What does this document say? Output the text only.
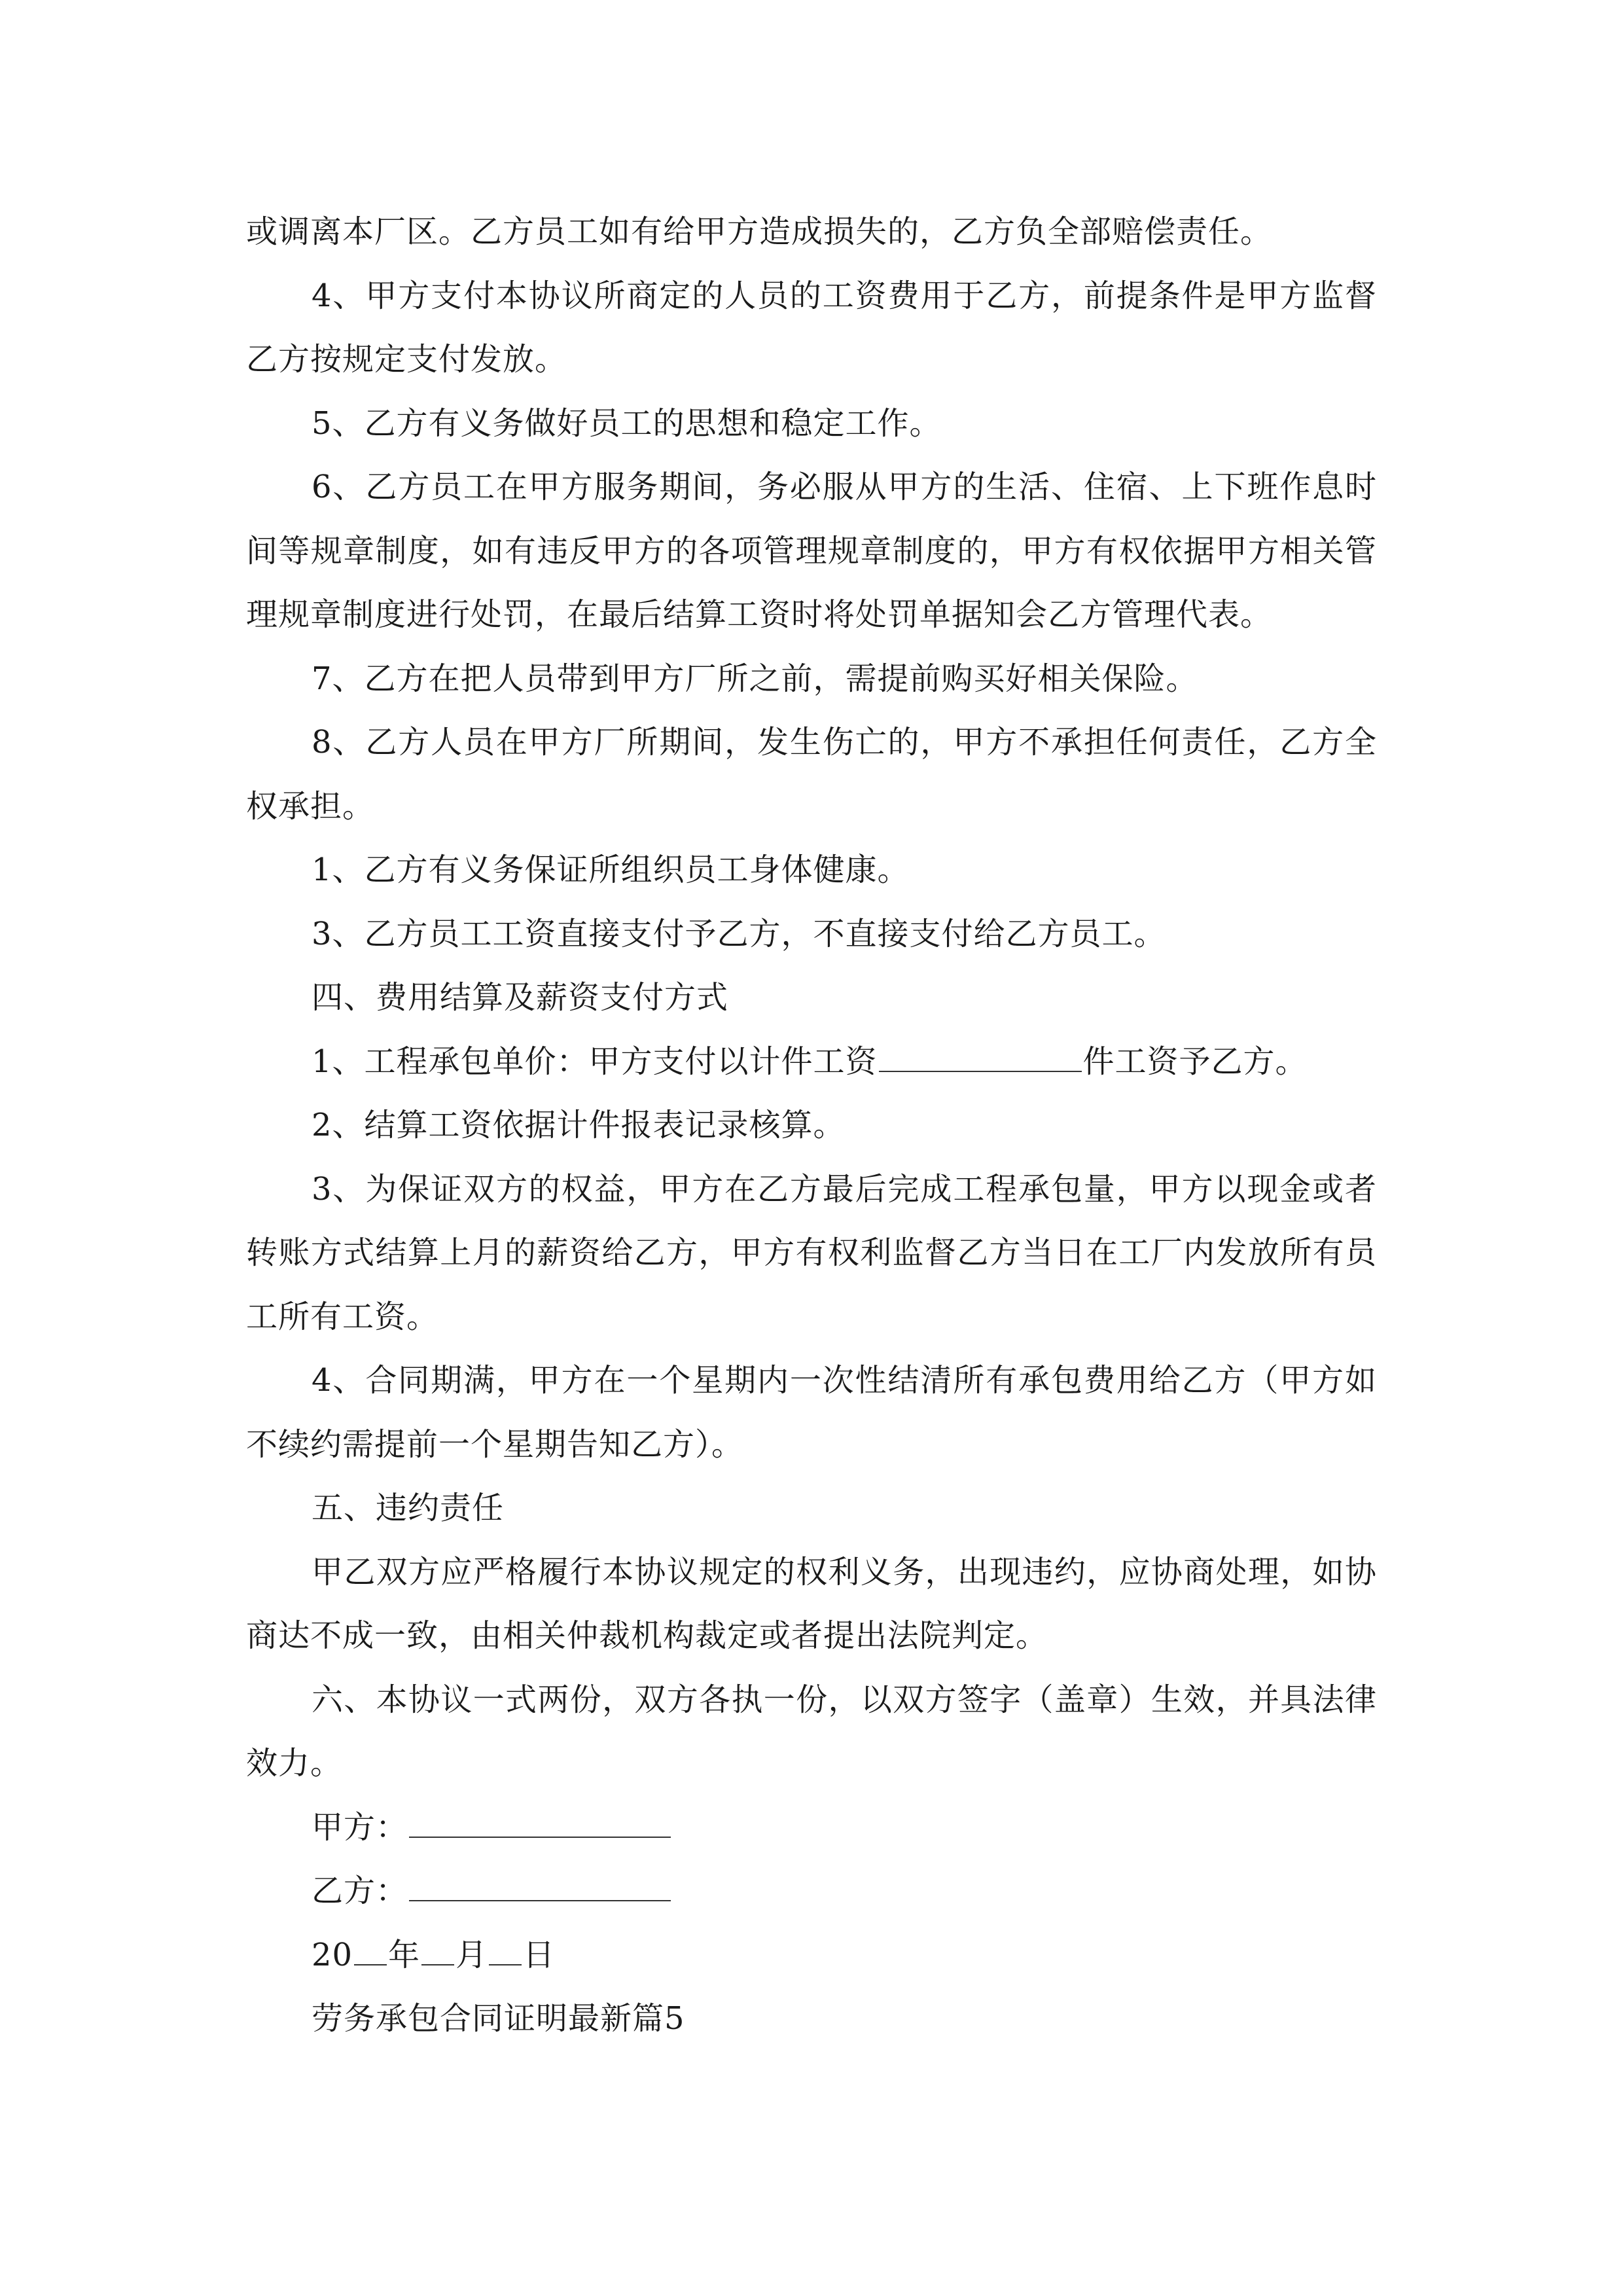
或调离本厂区。乙方员工如有给甲方造成损失的，乙方负全部赔偿责任。

4、甲方支付本协议所商定的人员的工资费用于乙方，前提条件是甲方监督乙方按规定支付发放。

5、乙方有义务做好员工的思想和稳定工作。

6、乙方员工在甲方服务期间，务必服从甲方的生活、住宿、上下班作息时间等规章制度，如有违反甲方的各项管理规章制度的，甲方有权依据甲方相关管理规章制度进行处罚，在最后结算工资时将处罚单据知会乙方管理代表。

7、乙方在把人员带到甲方厂所之前，需提前购买好相关保险。

8、乙方人员在甲方厂所期间，发生伤亡的，甲方不承担任何责任，乙方全权承担。

1、乙方有义务保证所组织员工身体健康。

3、乙方员工工资直接支付予乙方，不直接支付给乙方员工。

四、费用结算及薪资支付方式

1、工程承包单价：甲方支付以计件工资	件工资予乙方。

2、结算工资依据计件报表记录核算。

3、为保证双方的权益，甲方在乙方最后完成工程承包量，甲方以现金或者转账方式结算上月的薪资给乙方，甲方有权利监督乙方当日在工厂内发放所有员工所有工资。

4、合同期满，甲方在一个星期内一次性结清所有承包费用给乙方（甲方如不续约需提前一个星期告知乙方）。

五、违约责任

甲乙双方应严格履行本协议规定的权利义务，出现违约，应协商处理，如协商达不成一致，由相关仲裁机构裁定或者提出法院判定。

六、本协议一式两份，双方各执一份，以双方签字（盖章）生效，并具法律效力。

甲方：

乙方：

20 年 月 日

劳务承包合同证明最新篇5
